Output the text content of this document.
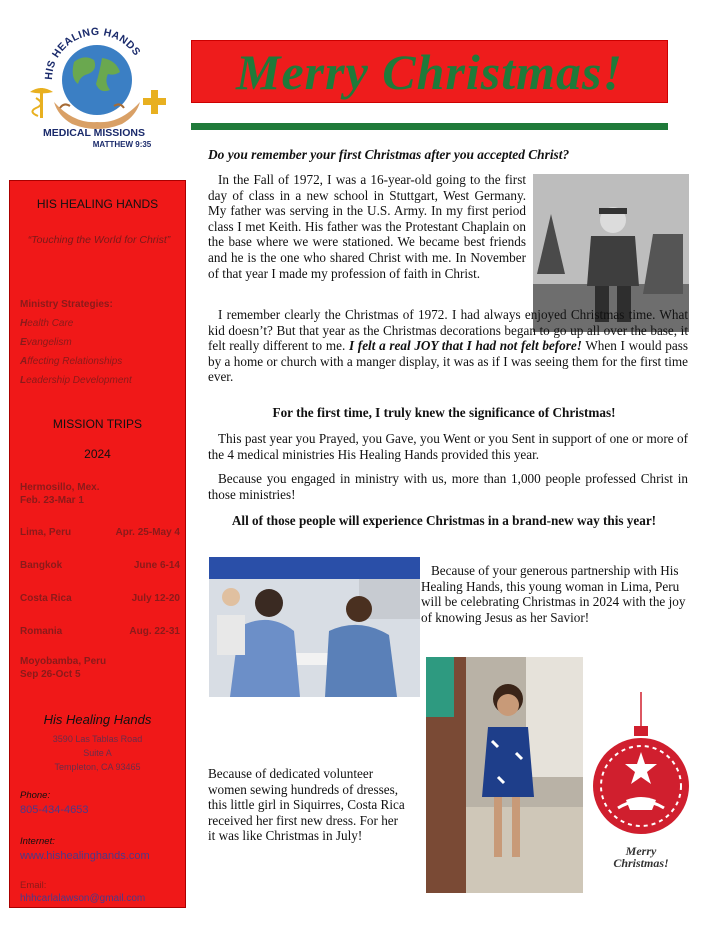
HIS HEALING HANDS
MEDICAL MISSIONS
MATTHEW 9:35
Merry Christmas!
HIS HEALING HANDS
“Touching the World for Christ”
Ministry Strategies:
Health Care
Evangelism
Affecting Relationships
Leadership Development
MISSION TRIPS
2024
Hermosillo, Mex.
Feb. 23-Mar 1
Lima, Peru	Apr. 25-May 4
Bangkok	June 6-14
Costa Rica	July 12-20
Romania	Aug. 22-31
Moyobamba, Peru
Sep 26-Oct 5
His Healing Hands
3590 Las Tablas Road
Suite A
Templeton, CA 93465
Phone:
805-434-4653
Internet:
www.hishealinghands.com
Email:
hhhcarlalawson@gmail.com
Do you remember your first Christmas after you accepted Christ?
In the Fall of 1972, I was a 16-year-old going to the first day of class in a new school in Stuttgart, West Germany. My father was serving in the U.S. Army. In my first period class I met Keith. His father was the Protestant Chaplain on the base where we were stationed. We became best friends and he is the one who shared Christ with me. In November of that year I made my profession of faith in Christ.
I remember clearly the Christmas of 1972. I had always enjoyed Christmas time. What kid doesn’t? But that year as the Christmas decorations began to go up all over the base, it felt really different to me. I felt a real JOY that I had not felt before! When I would pass by a home or church with a manger display, it was as if I was seeing them for the first time ever.
For the first time, I truly knew the significance of Christmas!
This past year you Prayed, you Gave, you Went or you Sent in support of one or more of the 4 medical ministries His Healing Hands provided this year.
Because you engaged in ministry with us, more than 1,000 people professed Christ in those ministries!
All of those people will experience Christmas in a brand-new way this year!
Because of your generous partnership with His Healing Hands, this young woman in Lima, Peru will be celebrating Christmas in 2024 with the joy of knowing Jesus as her Savior!
Because of dedicated volunteer women sewing hundreds of dresses, this little girl in Siquirres, Costa Rica received her first new dress. For her it was like Christmas in July!
Merry
Christmas!
